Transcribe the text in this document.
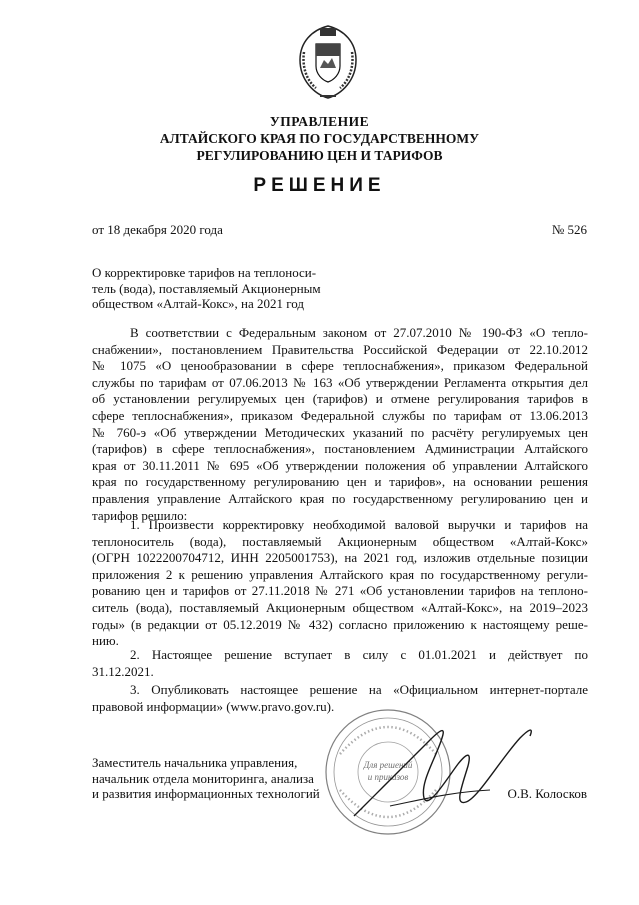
УПРАВЛЕНИЕ
АЛТАЙСКОГО КРАЯ ПО ГОСУДАРСТВЕННОМУ
РЕГУЛИРОВАНИЮ ЦЕН И ТАРИФОВ
РЕШЕНИЕ
от 18 декабря 2020 года	№ 526
О корректировке тарифов на теплоноси-
тель (вода), поставляемый Акционерным
обществом «Алтай-Кокс», на 2021 год
В соответствии с Федеральным законом от 27.07.2010 № 190-ФЗ «О тепло-
снабжении», постановлением Правительства Российской Федерации от 22.10.2012
№ 1075 «О ценообразовании в сфере теплоснабжения», приказом Федеральной
службы по тарифам от 07.06.2013 № 163 «Об утверждении Регламента открытия дел
об установлении регулируемых цен (тарифов) и отмене регулирования тарифов в
сфере теплоснабжения», приказом Федеральной службы по тарифам от 13.06.2013
№ 760-э «Об утверждении Методических указаний по расчёту регулируемых цен
(тарифов) в сфере теплоснабжения», постановлением Администрации Алтайского
края от 30.11.2011 № 695 «Об утверждении положения об управлении Алтайского
края по государственному регулированию цен и тарифов», на основании решения
правления управление Алтайского края по государственному регулированию цен и
тарифов решило:
1. Произвести корректировку необходимой валовой выручки и тарифов на
теплоноситель (вода), поставляемый Акционерным обществом «Алтай-Кокс»
(ОГРН 1022200704712, ИНН 2205001753), на 2021 год, изложив отдельные позиции
приложения 2 к решению управления Алтайского края по государственному регули-
рованию цен и тарифов от 27.11.2018 № 271 «Об установлении тарифов на теплоно-
ситель (вода), поставляемый Акционерным обществом «Алтай-Кокс», на 2019–2023
годы» (в редакции от 05.12.2019 № 432) согласно приложению к настоящему реше-
нию.
2. Настоящее решение вступает в силу с 01.01.2021 и действует по
31.12.2021.
3. Опубликовать настоящее решение на «Официальном интернет-портале
правовой информации» (www.pravo.gov.ru).
Для решений
и приказов
Заместитель начальника управления,
начальник отдела мониторинга, анализа
и развития информационных технологий	О.В. Колосков
